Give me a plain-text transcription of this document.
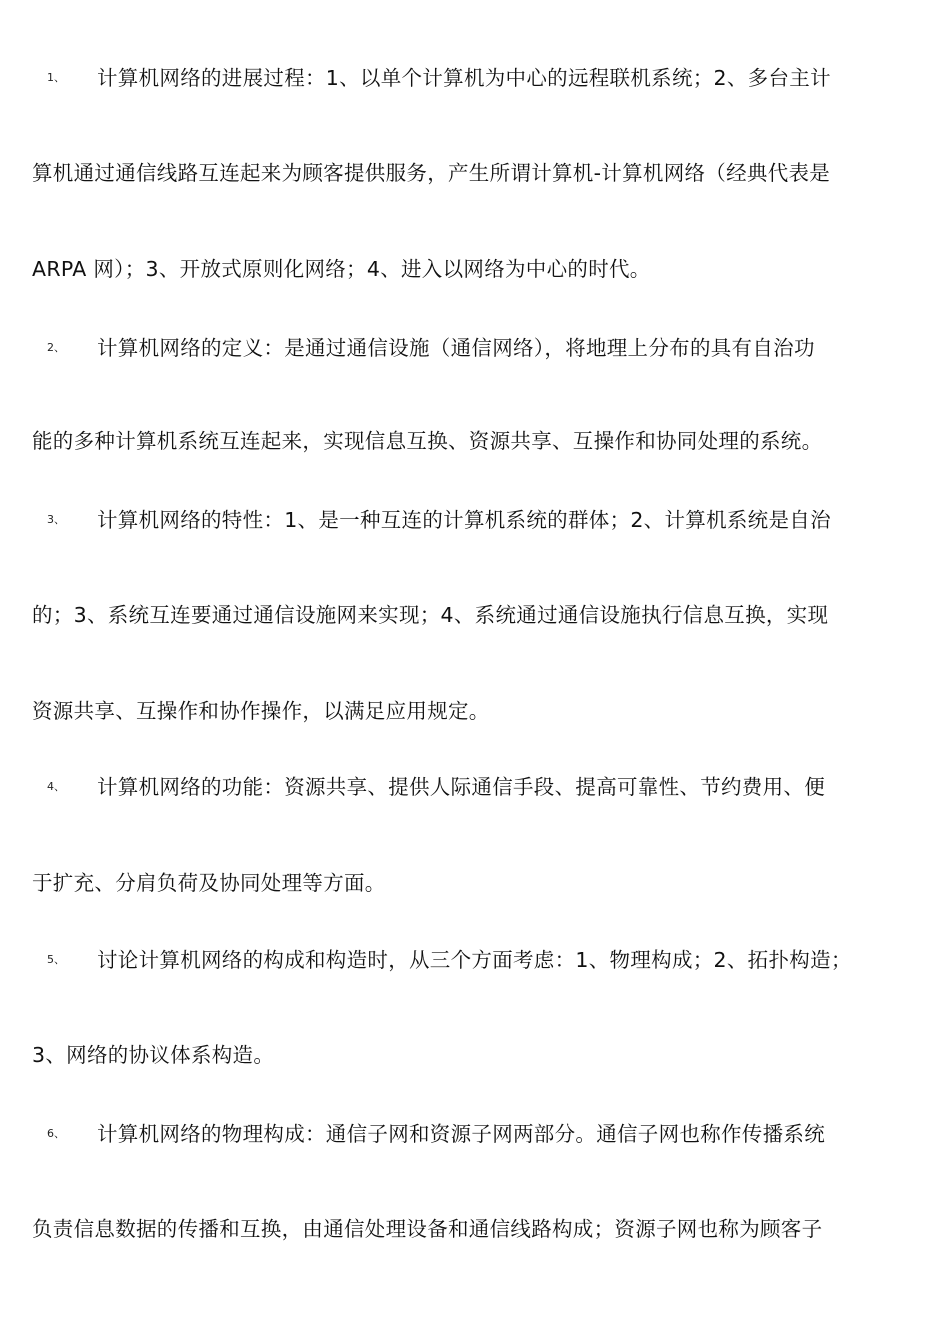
1、 计算机网络的进展过程：1、以单个计算机为中心的远程联机系统；2、多台主计
算机通过通信线路互连起来为顾客提供服务，产生所谓计算机-计算机网络（经典代表是
ARPA 网）；3、开放式原则化网络；4、进入以网络为中心的时代。
2、 计算机网络的定义：是通过通信设施（通信网络），将地理上分布的具有自治功
能的多种计算机系统互连起来，实现信息互换、资源共享、互操作和协同处理的系统。
3、 计算机网络的特性：1、是一种互连的计算机系统的群体；2、计算机系统是自治
的；3、系统互连要通过通信设施网来实现；4、系统通过通信设施执行信息互换，实现
资源共享、互操作和协作操作，以满足应用规定。
4、 计算机网络的功能：资源共享、提供人际通信手段、提高可靠性、节约费用、便
于扩充、分肩负荷及协同处理等方面。
5、 讨论计算机网络的构成和构造时，从三个方面考虑：1、物理构成；2、拓扑构造；
3、网络的协议体系构造。
6、 计算机网络的物理构成：通信子网和资源子网两部分。通信子网也称作传播系统
负责信息数据的传播和互换，由通信处理设备和通信线路构成；资源子网也称为顾客子
